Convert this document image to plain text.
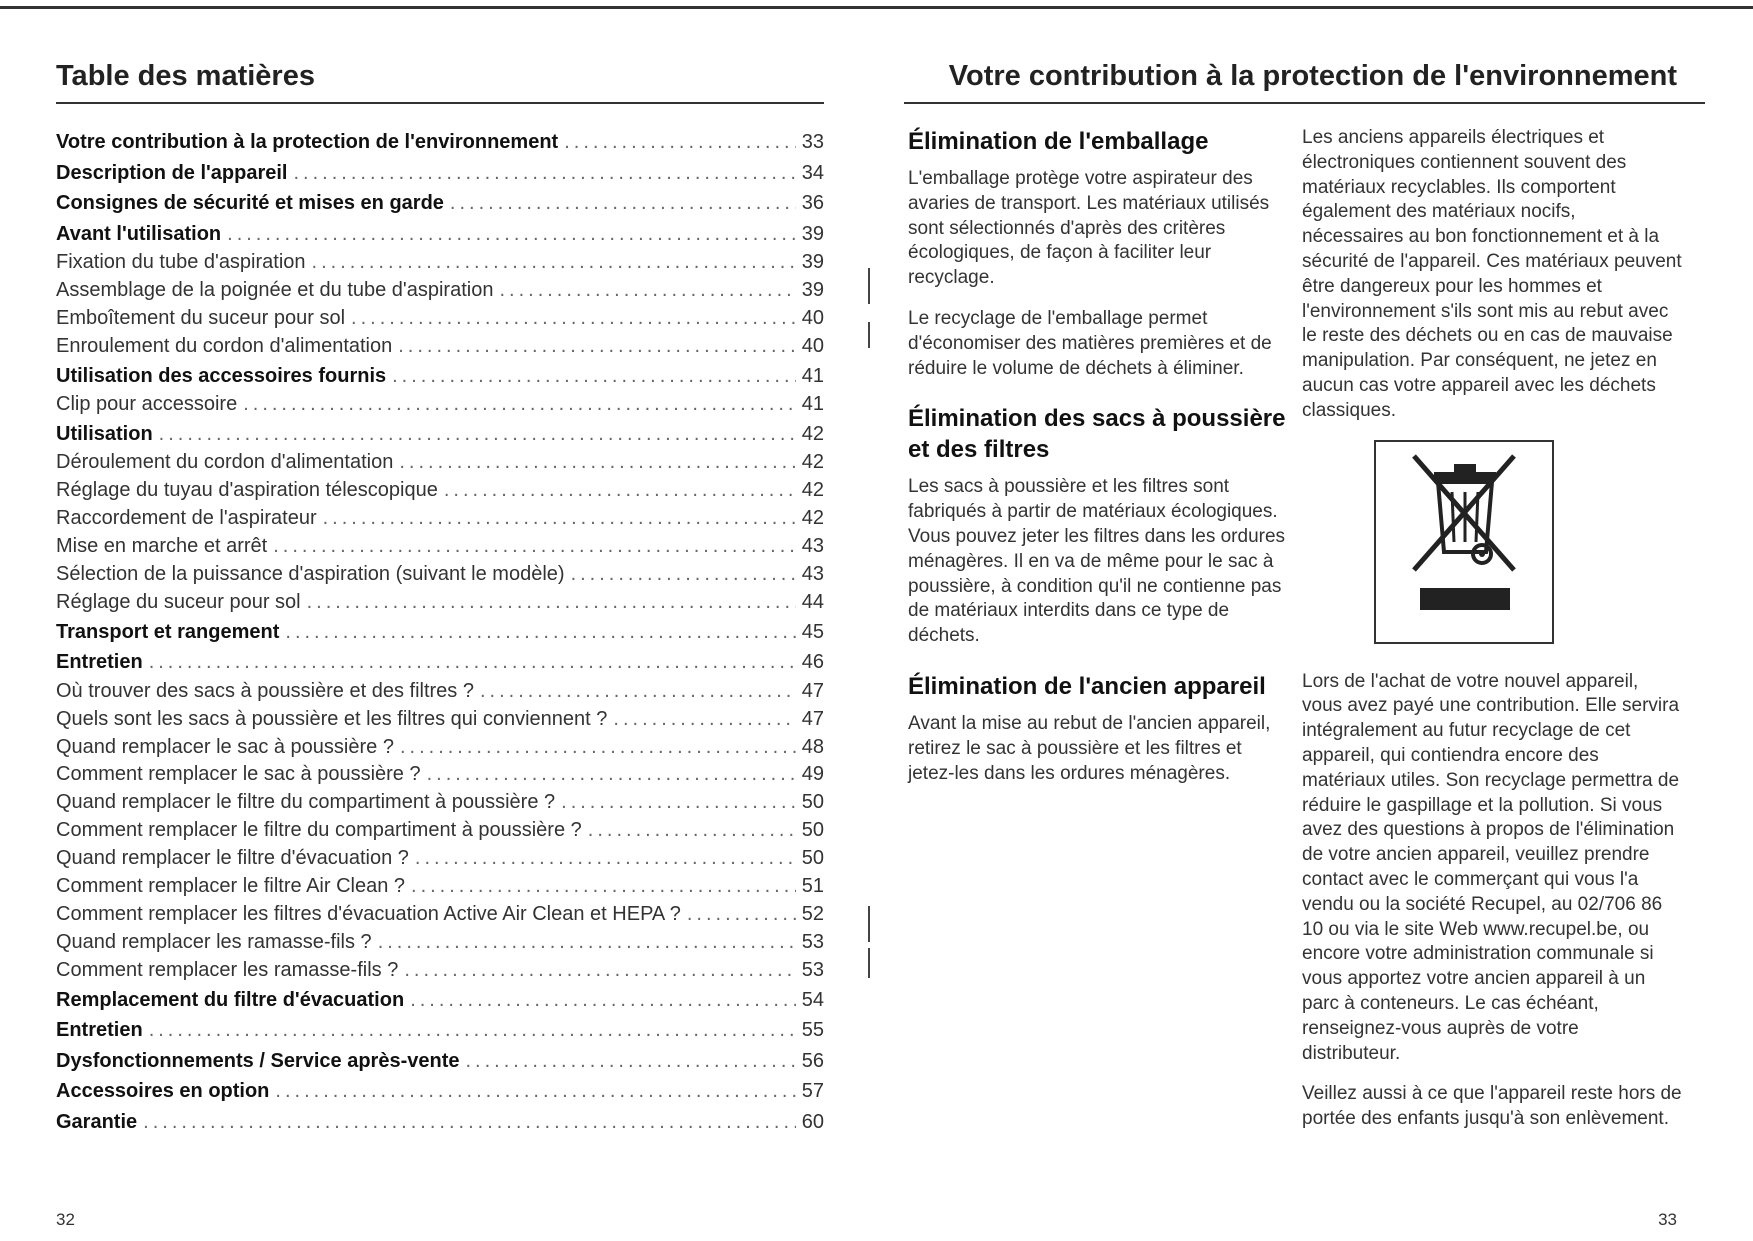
Table des matières
Votre contribution à la protection de l'environnement .....	33
Description de l'appareil .....	34
Consignes de sécurité et mises en garde .....	36
Avant l'utilisation .....	39
Fixation du tube d'aspiration .....	39
Assemblage de la poignée et du tube d'aspiration .....	39
Emboîtement du suceur pour sol .....	40
Enroulement du cordon d'alimentation .....	40
Utilisation des accessoires fournis .....	41
Clip pour accessoire .....	41
Utilisation .....	42
Déroulement du cordon d'alimentation .....	42
Réglage du tuyau d'aspiration télescopique .....	42
Raccordement de l'aspirateur .....	42
Mise en marche et arrêt .....	43
Sélection de la puissance d'aspiration (suivant le modèle) .....	43
Réglage du suceur pour sol .....	44
Transport et rangement .....	45
Entretien .....	46
Où trouver des sacs à poussière et des filtres ? .....	47
Quels sont les sacs à poussière et les filtres qui conviennent ? .....	47
Quand remplacer le sac à poussière ? .....	48
Comment remplacer le sac à poussière ? .....	49
Quand remplacer le filtre du compartiment à poussière ? .....	50
Comment remplacer le filtre du compartiment à poussière ? .....	50
Quand remplacer le filtre d'évacuation ? .....	50
Comment remplacer le filtre Air Clean ? .....	51
Comment remplacer les filtres d'évacuation Active Air Clean et HEPA ? .....	52
Quand remplacer les ramasse-fils ? .....	53
Comment remplacer les ramasse-fils ? .....	53
Remplacement du filtre d'évacuation .....	54
Entretien .....	55
Dysfonctionnements / Service après-vente .....	56
Accessoires en option .....	57
Garantie .....	60
32
Votre contribution à la protection de l'environnement
Élimination de l'emballage

L'emballage protège votre aspirateur des avaries de transport. Les matériaux utilisés sont sélectionnés d'après des critères écologiques, de façon à faciliter leur recyclage.

Le recyclage de l'emballage permet d'économiser des matières premières et de réduire le volume de déchets à éliminer.

Élimination des sacs à poussière et des filtres

Les sacs à poussière et les filtres sont fabriqués à partir de matériaux écologiques. Vous pouvez jeter les filtres dans les ordures ménagères. Il en va de même pour le sac à poussière, à condition qu'il ne contienne pas de matériaux interdits dans ce type de déchets.

Élimination de l'ancien appareil

Avant la mise au rebut de l'ancien appareil, retirez le sac à poussière et les filtres et jetez-les dans les ordures ménagères.

Les anciens appareils électriques et électroniques contiennent souvent des matériaux recyclables. Ils comportent également des matériaux nocifs, nécessaires au bon fonctionnement et à la sécurité de l'appareil. Ces matériaux peuvent être dangereux pour les hommes et l'environnement s'ils sont mis au rebut avec le reste des déchets ou en cas de mauvaise manipulation. Par conséquent, ne jetez en aucun cas votre appareil avec les déchets classiques.

Lors de l'achat de votre nouvel appareil, vous avez payé une contribution. Elle servira intégralement au futur recyclage de cet appareil, qui contiendra encore des matériaux utiles. Son recyclage permettra de réduire le gaspillage et la pollution. Si vous avez des questions à propos de l'élimination de votre ancien appareil, veuillez prendre contact avec le commerçant qui vous l'a vendu ou la société Recupel, au 02/706 86 10 ou via le site Web www.recupel.be, ou encore votre administration communale si vous apportez votre ancien appareil à un parc à conteneurs. Le cas échéant, renseignez-vous auprès de votre distributeur.

Veillez aussi à ce que l'appareil reste hors de portée des enfants jusqu'à son enlèvement.

33
